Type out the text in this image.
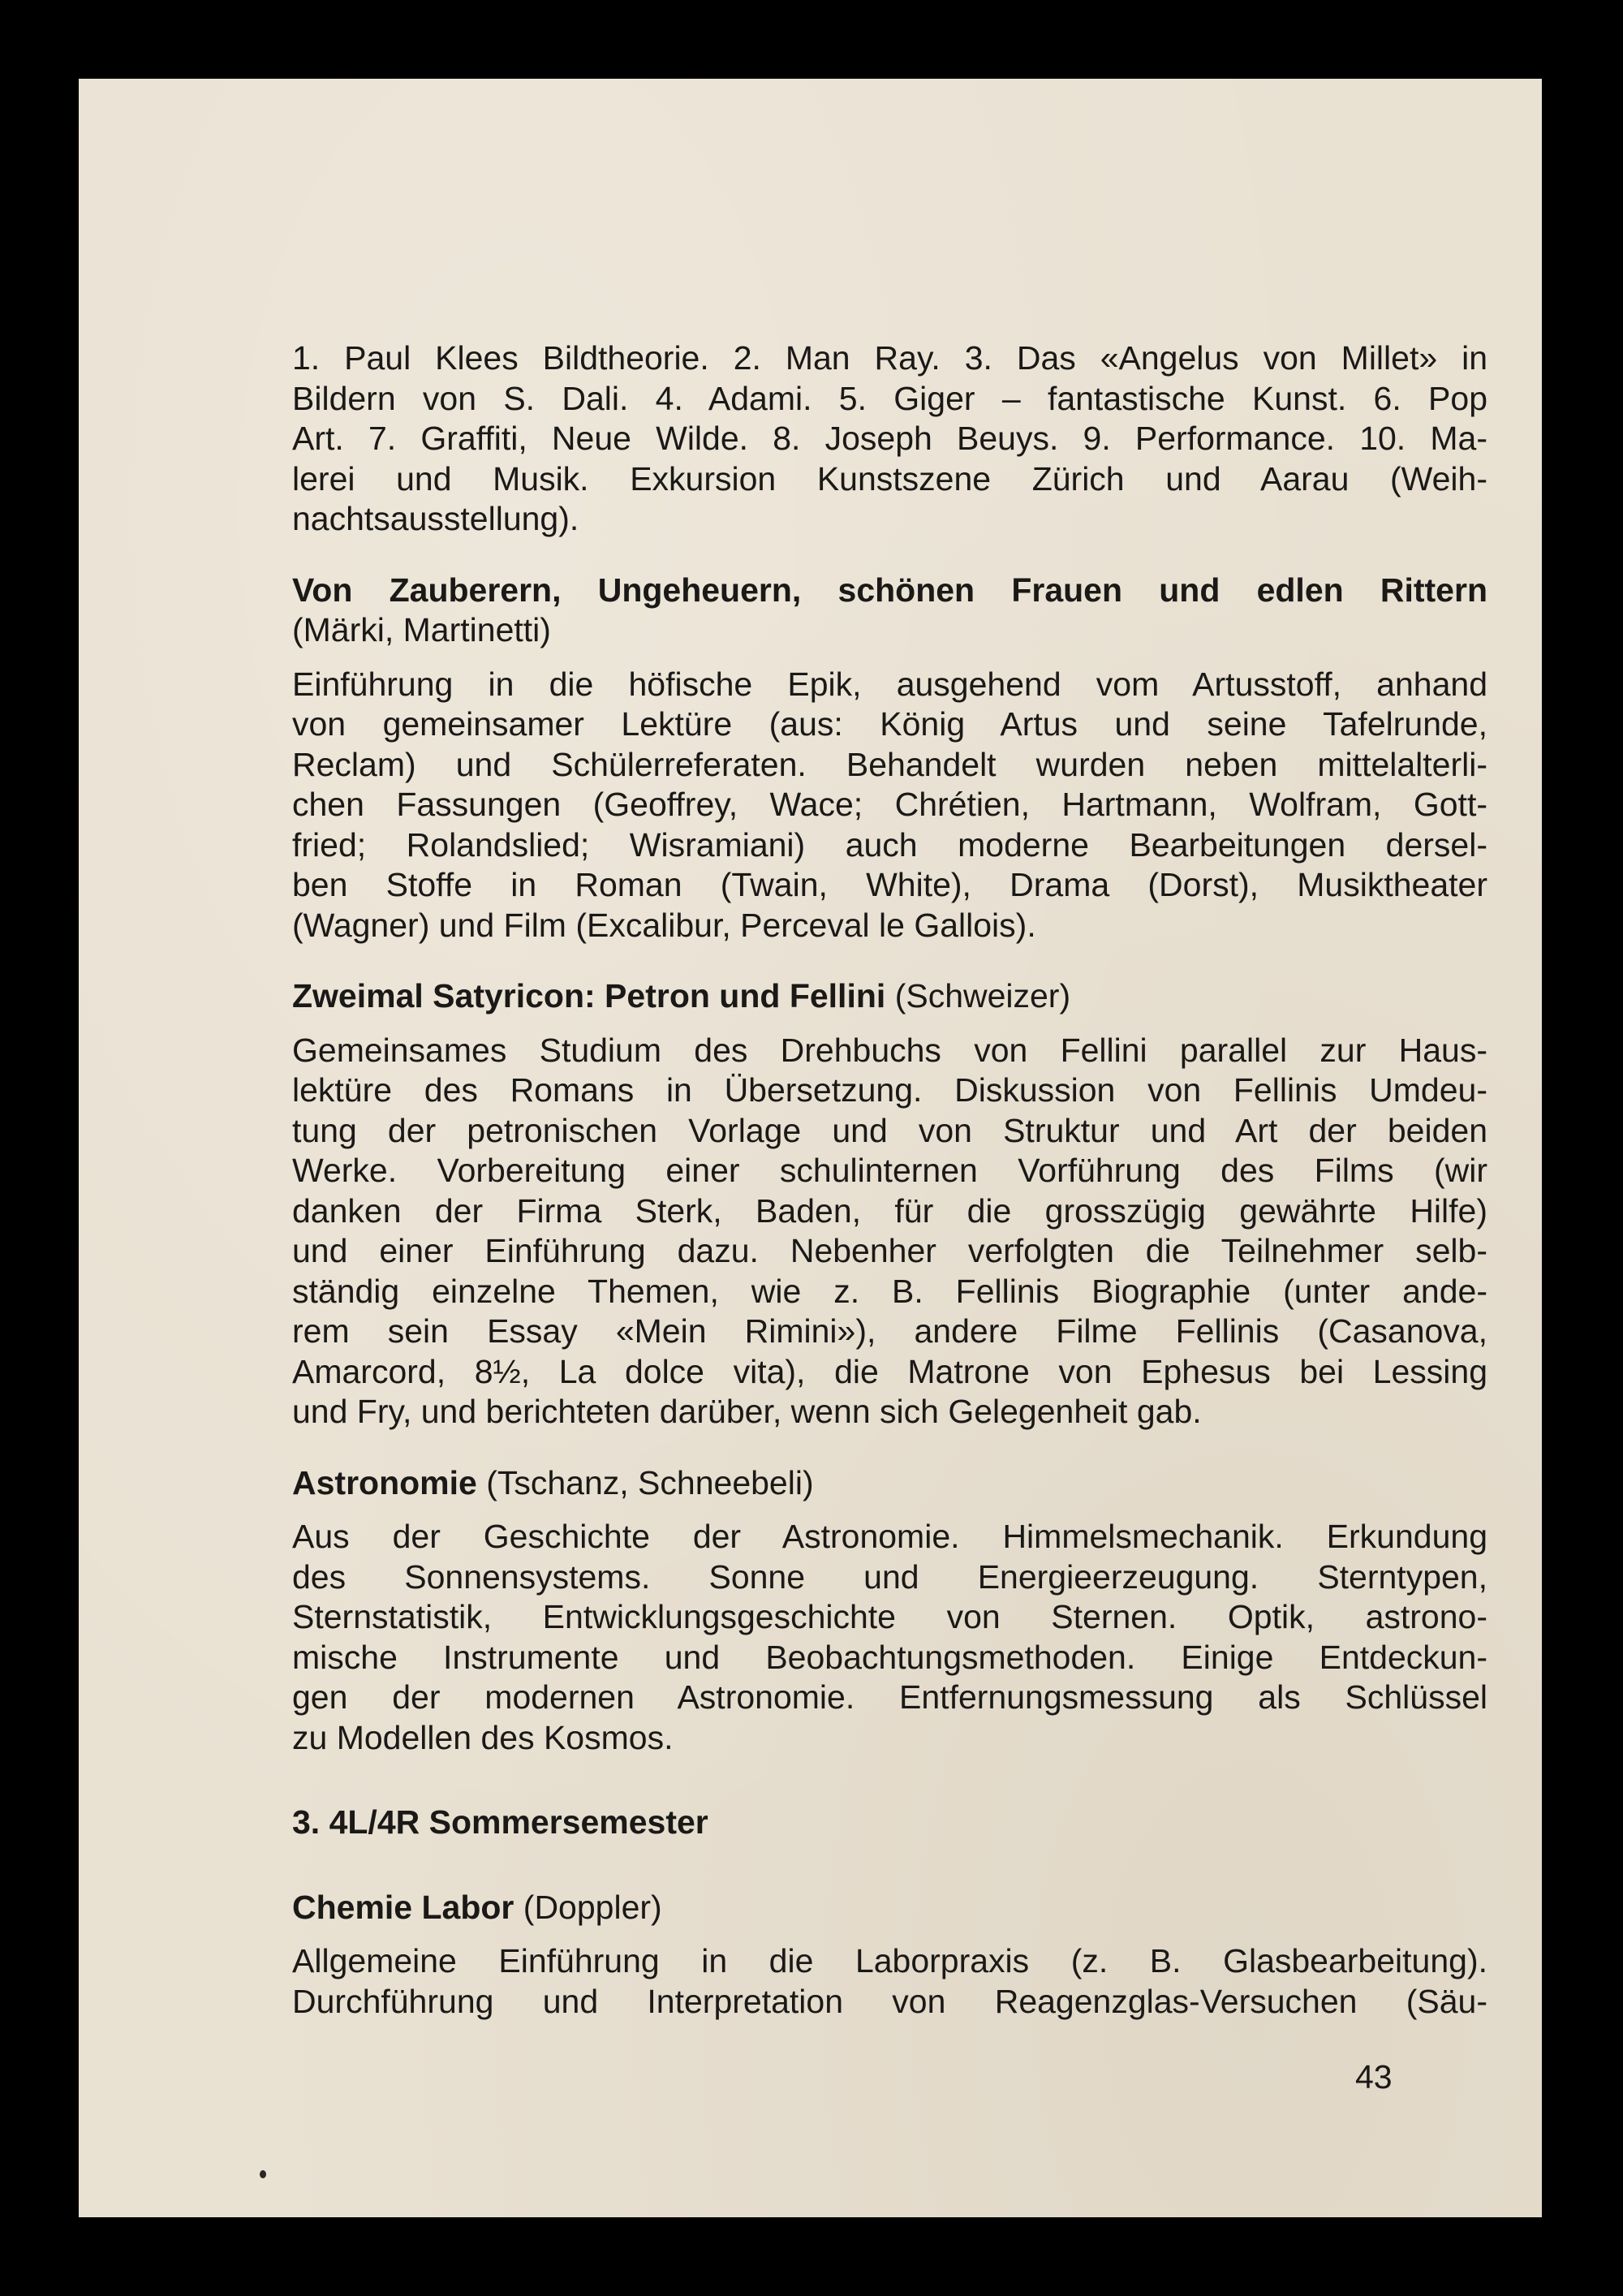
1. Paul Klees Bildtheorie. 2. Man Ray. 3. Das «Angelus von Millet» in
Bildern von S. Dali. 4. Adami. 5. Giger – fantastische Kunst. 6. Pop
Art. 7. Graffiti, Neue Wilde. 8. Joseph Beuys. 9. Performance. 10. Ma-
lerei und Musik. Exkursion Kunstszene Zürich und Aarau (Weih-
nachtsausstellung).

Von Zauberern, Ungeheuern, schönen Frauen und edlen Rittern
(Märki, Martinetti)

Einführung in die höfische Epik, ausgehend vom Artusstoff, anhand
von gemeinsamer Lektüre (aus: König Artus und seine Tafelrunde,
Reclam) und Schülerreferaten. Behandelt wurden neben mittelalterli-
chen Fassungen (Geoffrey, Wace; Chrétien, Hartmann, Wolfram, Gott-
fried; Rolandslied; Wisramiani) auch moderne Bearbeitungen dersel-
ben Stoffe in Roman (Twain, White), Drama (Dorst), Musiktheater
(Wagner) und Film (Excalibur, Perceval le Gallois).

Zweimal Satyricon: Petron und Fellini (Schweizer)

Gemeinsames Studium des Drehbuchs von Fellini parallel zur Haus-
lektüre des Romans in Übersetzung. Diskussion von Fellinis Umdeu-
tung der petronischen Vorlage und von Struktur und Art der beiden
Werke. Vorbereitung einer schulinternen Vorführung des Films (wir
danken der Firma Sterk, Baden, für die grosszügig gewährte Hilfe)
und einer Einführung dazu. Nebenher verfolgten die Teilnehmer selb-
ständig einzelne Themen, wie z. B. Fellinis Biographie (unter ande-
rem sein Essay «Mein Rimini»), andere Filme Fellinis (Casanova,
Amarcord, 8½, La dolce vita), die Matrone von Ephesus bei Lessing
und Fry, und berichteten darüber, wenn sich Gelegenheit gab.

Astronomie (Tschanz, Schneebeli)

Aus der Geschichte der Astronomie. Himmelsmechanik. Erkundung
des Sonnensystems. Sonne und Energieerzeugung. Sterntypen,
Sternstatistik, Entwicklungsgeschichte von Sternen. Optik, astrono-
mische Instrumente und Beobachtungsmethoden. Einige Entdeckun-
gen der modernen Astronomie. Entfernungsmessung als Schlüssel
zu Modellen des Kosmos.

3. 4L/4R Sommersemester
Chemie Labor (Doppler)

Allgemeine Einführung in die Laborpraxis (z. B. Glasbearbeitung).
Durchführung und Interpretation von Reagenzglas-Versuchen (Säu-

43
